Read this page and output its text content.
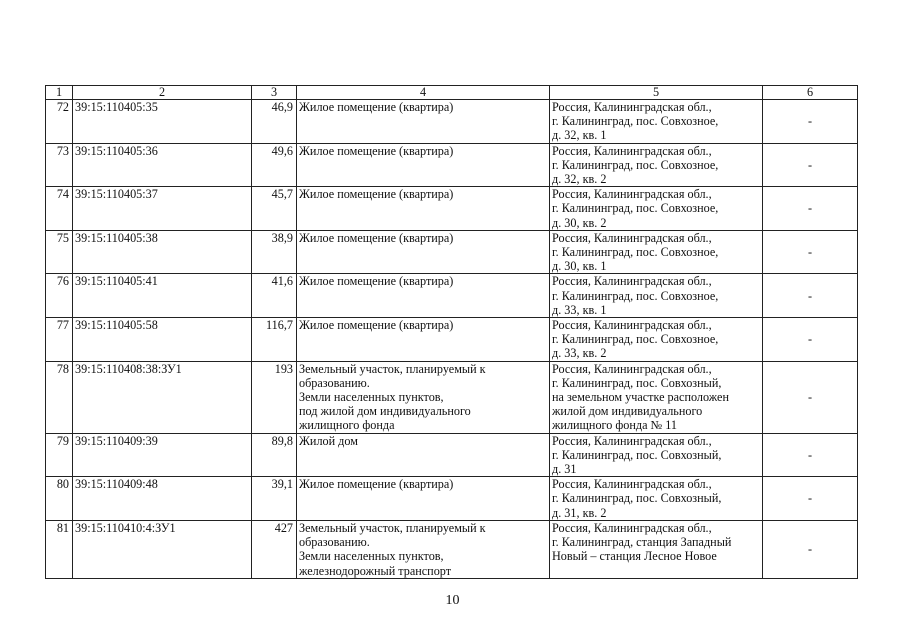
1	2	3	4	5	6
72	39:15:110405:35	46,9	Жилое помещение (квартира)	Россия, Калининградская обл.,
г. Калининград, пос. Совхозное,
д. 32, кв. 1	-
73	39:15:110405:36	49,6	Жилое помещение (квартира)	Россия, Калининградская обл.,
г. Калининград, пос. Совхозное,
д. 32, кв. 2	-
74	39:15:110405:37	45,7	Жилое помещение (квартира)	Россия, Калининградская обл.,
г. Калининград, пос. Совхозное,
д. 30, кв. 2	-
75	39:15:110405:38	38,9	Жилое помещение (квартира)	Россия, Калининградская обл.,
г. Калининград, пос. Совхозное,
д. 30, кв. 1	-
76	39:15:110405:41	41,6	Жилое помещение (квартира)	Россия, Калининградская обл.,
г. Калининград, пос. Совхозное,
д. 33, кв. 1	-
77	39:15:110405:58	116,7	Жилое помещение (квартира)	Россия, Калининградская обл.,
г. Калининград, пос. Совхозное,
д. 33, кв. 2	-
78	39:15:110408:38:ЗУ1	193	Земельный участок, планируемый к
образованию.
Земли населенных пунктов,
под жилой дом индивидуального
жилищного фонда	Россия, Калининградская обл.,
г. Калининград, пос. Совхозный,
на земельном участке расположен
жилой дом индивидуального
жилищного фонда № 11	-
79	39:15:110409:39	89,8	Жилой дом	Россия, Калининградская обл.,
г. Калининград, пос. Совхозный,
д. 31	-
80	39:15:110409:48	39,1	Жилое помещение (квартира)	Россия, Калининградская обл.,
г. Калининград, пос. Совхозный,
д. 31, кв. 2	-
81	39:15:110410:4:ЗУ1	427	Земельный участок, планируемый к
образованию.
Земли населенных пунктов,
железнодорожный транспорт	Россия, Калининградская обл.,
г. Калининград, станция Западный
Новый – станция Лесное Новое	-
10
